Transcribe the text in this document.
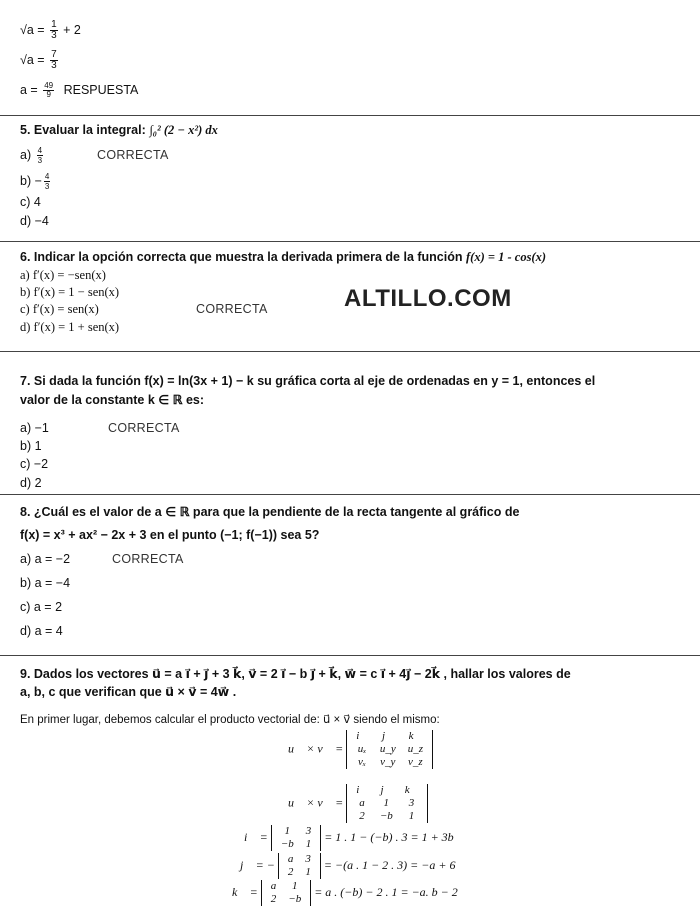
$√a = \frac{1}{3} + 2$
$√a = \frac{7}{3}$
$a = \frac{49}{9}$ RESPUESTA
5. Evaluar la integral: ∫₀² (2 − x²) dx
$a) \frac{4}{3}$	CORRECTA
$b) - \frac{4}{3}$
c) 4
d) −4
6. Indicar la opción correcta que muestra la derivada primera de la función f(x) = 1 - cos(x)
a) f′(x) = −sen(x)
b) f′(x) = 1 − sen(x)
c) f′(x) = sen(x)	CORRECTA
d) f′(x) = 1 + sen(x)
ALTILLO.COM
7. Si dada la función f(x) = ln(3x + 1) − k su gráfica corta al eje de ordenadas en y = 1, entonces el
valor de la constante k ∈ ℝ es:
a) −1	CORRECTA
b) 1
c) −2
d) 2
8. ¿Cuál es el valor de a ∈ ℝ para que la pendiente de la recta tangente al gráfico de
f(x) = x³ + ax² − 2x + 3 en el punto (−1; f(−1)) sea 5?
a) a = −2	CORRECTA
b) a = −4
c) a = 2
d) a = 4
9. Dados los vectores u⃗ = a i⃗ + j⃗ + 3 k⃗, v⃗ = 2 i⃗ − b j⃗ + k⃗, w⃗ = c i⃗ + 4j⃗ − 2k⃗ , hallar los valores de
a, b, c que verifican que u⃗ × v⃗ = 4w⃗ .
En primer lugar, debemos calcular el producto vectorial de: u⃗ × v⃗ siendo el mismo:
u⃗ × v⃗ =
i⃗	j⃗	k⃗
uₓ	u_y	u_z
vₓ	v_y	v_z
u⃗ × v⃗ =
i⃗	j⃗	k⃗
a	1	3
2	−b	1
i⃗ = 1	3
−b	1
= 1 . 1 − (−b) . 3 = 1 + 3b
j⃗ = − a	3
2	1
= −(a . 1 − 2 . 3) = −a + 6
k⃗ = a	1
2	−b
= a . (−b) − 2 . 1 = −a. b − 2
